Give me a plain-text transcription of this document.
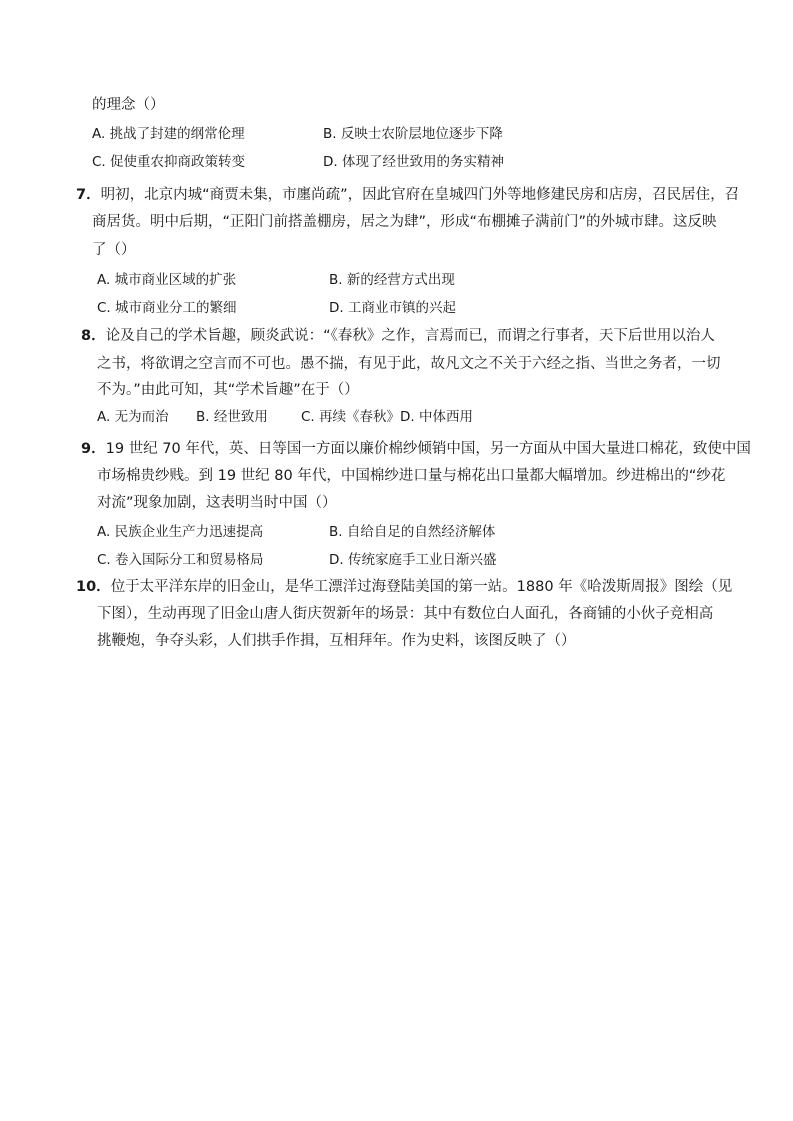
的理念（）
A. 挑战了封建的纲常伦理	B. 反映士农阶层地位逐步下降
C. 促使重农抑商政策转变	D. 体现了经世致用的务实精神
7．明初，北京内城“商贾未集，市廛尚疏”，因此官府在皇城四门外等地修建民房和店房，召民居住，召
商居货。明中后期，“正阳门前搭盖棚房，居之为肆”，形成“布棚摊子满前门”的外城市肆。这反映
了（）
A. 城市商业区域的扩张	B. 新的经营方式出现
C. 城市商业分工的繁细	D. 工商业市镇的兴起
8．论及自己的学术旨趣，顾炎武说：“《春秋》之作，言焉而已，而谓之行事者，天下后世用以治人
之书，将欲谓之空言而不可也。愚不揣，有见于此，故凡文之不关于六经之指、当世之务者，一切
不为。”由此可知，其“学术旨趣”在于（）
A. 无为而治 B. 经世致用 C. 再续《春秋》 D. 中体西用
9．19 世纪 70 年代，英、日等国一方面以廉价棉纱倾销中国，另一方面从中国大量进口棉花，致使中国
市场棉贵纱贱。到 19 世纪 80 年代，中国棉纱进口量与棉花出口量都大幅增加。纱进棉出的“纱花
对流”现象加剧，这表明当时中国（）
A. 民族企业生产力迅速提高	B. 自给自足的自然经济解体
C. 卷入国际分工和贸易格局	D. 传统家庭手工业日渐兴盛
10．位于太平洋东岸的旧金山，是华工漂洋过海登陆美国的第一站。1880 年《哈泼斯周报》图绘（见
下图），生动再现了旧金山唐人街庆贺新年的场景：其中有数位白人面孔，各商铺的小伙子竞相高
挑鞭炮，争夺头彩，人们拱手作揖，互相拜年。作为史料，该图反映了（）
